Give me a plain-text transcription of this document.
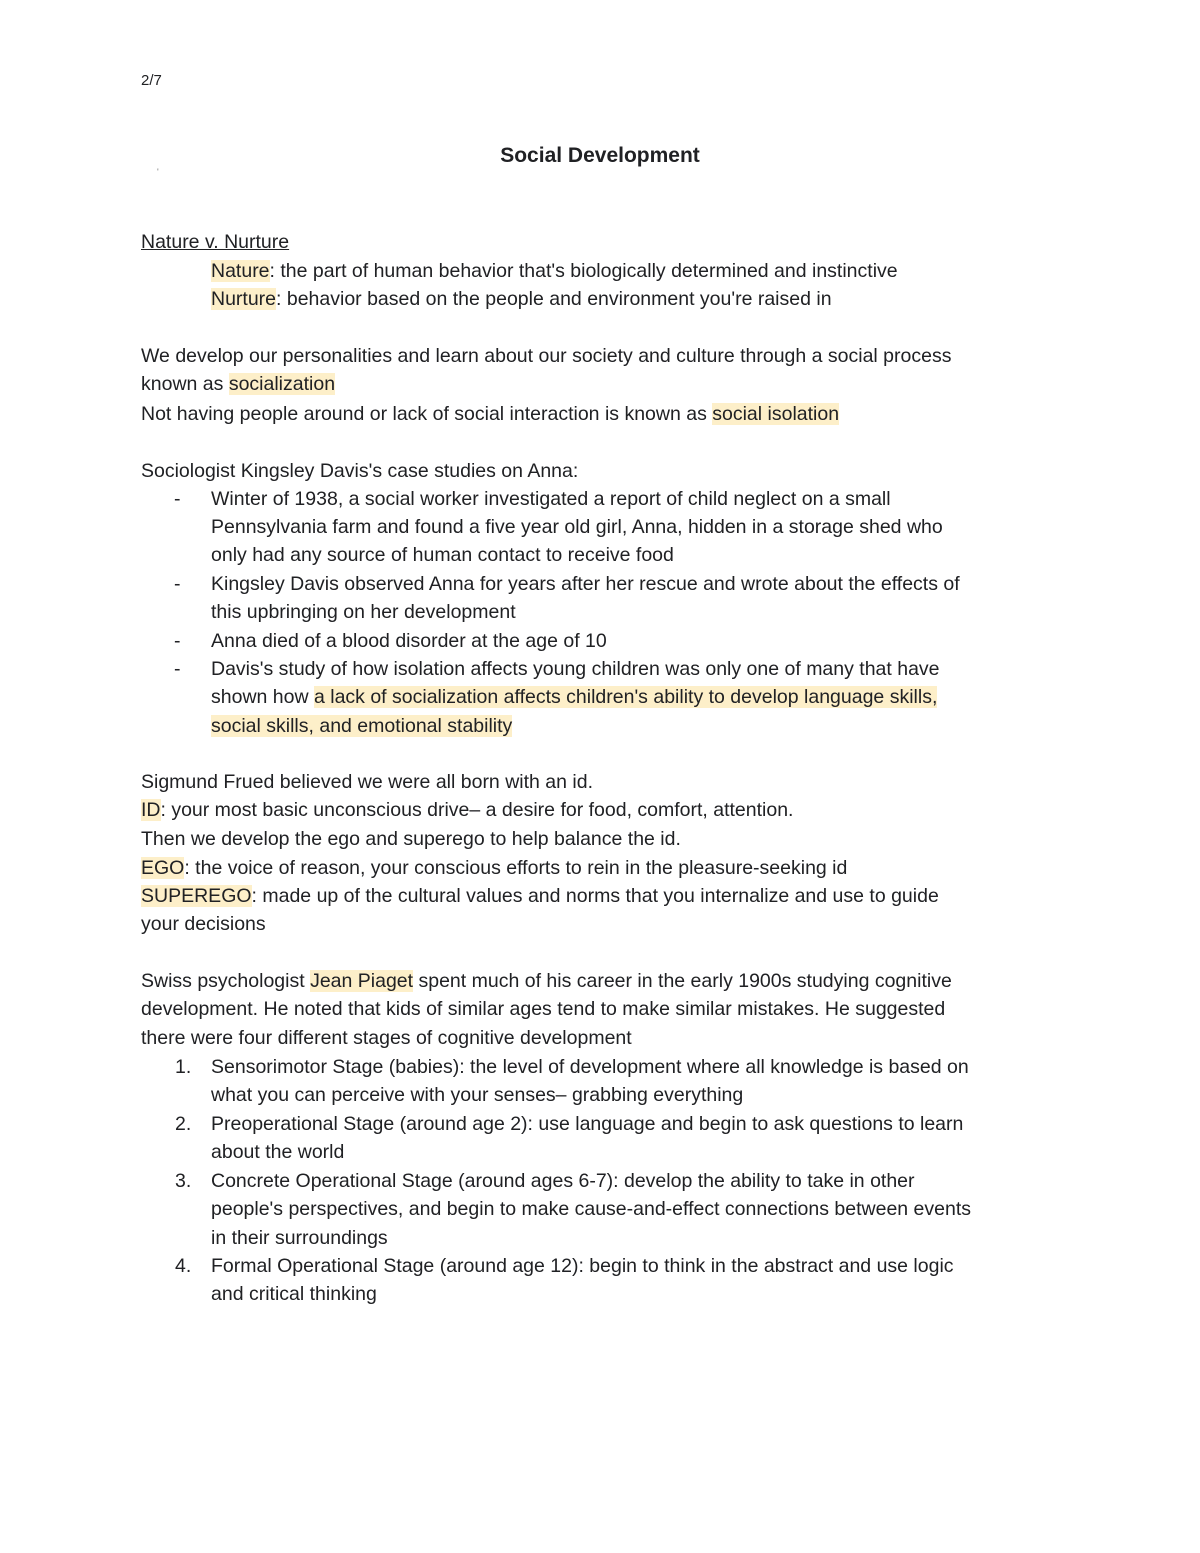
2/7
Social Development
'
Nature v. Nurture
Nature: the part of human behavior that's biologically determined and instinctive
Nurture: behavior based on the people and environment you're raised in
We develop our personalities and learn about our society and culture through a social process
known as socialization
Not having people around or lack of social interaction is known as social isolation
Sociologist Kingsley Davis's case studies on Anna:
- Winter of 1938, a social worker investigated a report of child neglect on a small
Pennsylvania farm and found a five year old girl, Anna, hidden in a storage shed who
only had any source of human contact to receive food
- Kingsley Davis observed Anna for years after her rescue and wrote about the effects of
this upbringing on her development
- Anna died of a blood disorder at the age of 10
- Davis's study of how isolation affects young children was only one of many that have
shown how a lack of socialization affects children's ability to develop language skills,
social skills, and emotional stability
Sigmund Frued believed we were all born with an id.
ID: your most basic unconscious drive– a desire for food, comfort, attention.
Then we develop the ego and superego to help balance the id.
EGO: the voice of reason, your conscious efforts to rein in the pleasure-seeking id
SUPEREGO: made up of the cultural values and norms that you internalize and use to guide
your decisions
Swiss psychologist Jean Piaget spent much of his career in the early 1900s studying cognitive
development. He noted that kids of similar ages tend to make similar mistakes. He suggested
there were four different stages of cognitive development
1. Sensorimotor Stage (babies): the level of development where all knowledge is based on
what you can perceive with your senses– grabbing everything
2. Preoperational Stage (around age 2): use language and begin to ask questions to learn
about the world
3. Concrete Operational Stage (around ages 6-7): develop the ability to take in other
people's perspectives, and begin to make cause-and-effect connections between events
in their surroundings
4. Formal Operational Stage (around age 12): begin to think in the abstract and use logic
and critical thinking
